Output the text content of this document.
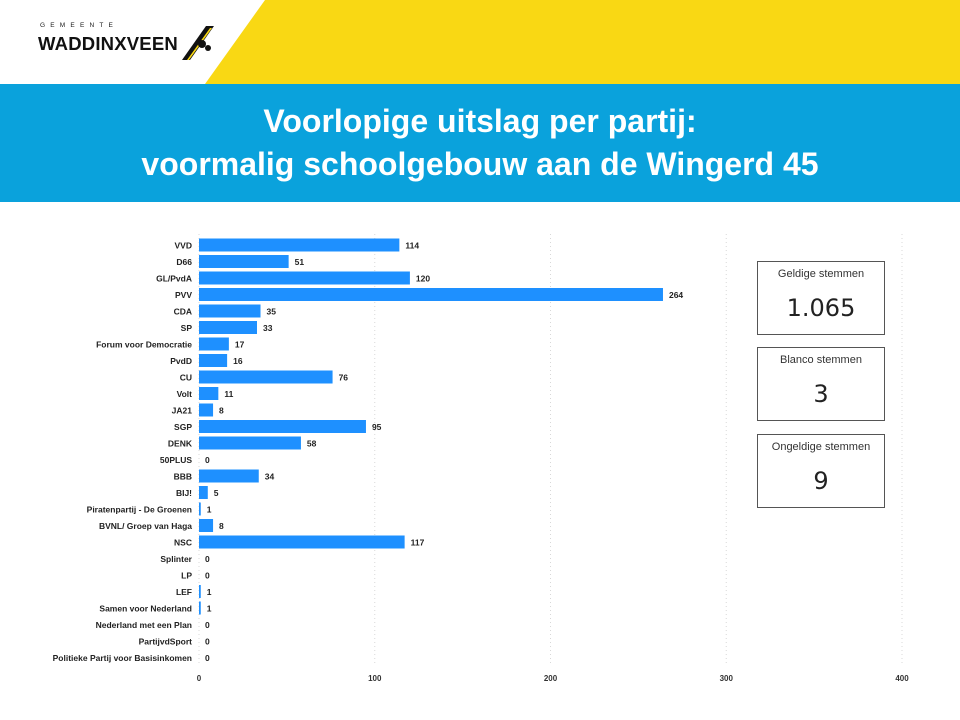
GEMEENTE
WADDINXVEEN
Voorlopige uitslag per partij:
voormalig schoolgebouw aan de Wingerd 45
0	100	200	300	400
VVD	114
D66	51
GL/PvdA	120
PVV	264
CDA	35
SP	33
Forum voor Democratie	17
PvdD	16
CU	76
Volt	11
JA21	8
SGP	95
DENK	58
50PLUS 0
BBB	34
BIJ!	5
Piratenpartij - De Groenen 1
BVNL/ Groep van Haga	8
NSC	117
Splinter 0
LP 0
LEF 1
Samen voor Nederland 1
Nederland met een Plan 0
PartijvdSport 0
Politieke Partij voor Basisinkomen 0
Geldige stemmen
1.065
Blanco stemmen
3
Ongeldige stemmen
9
